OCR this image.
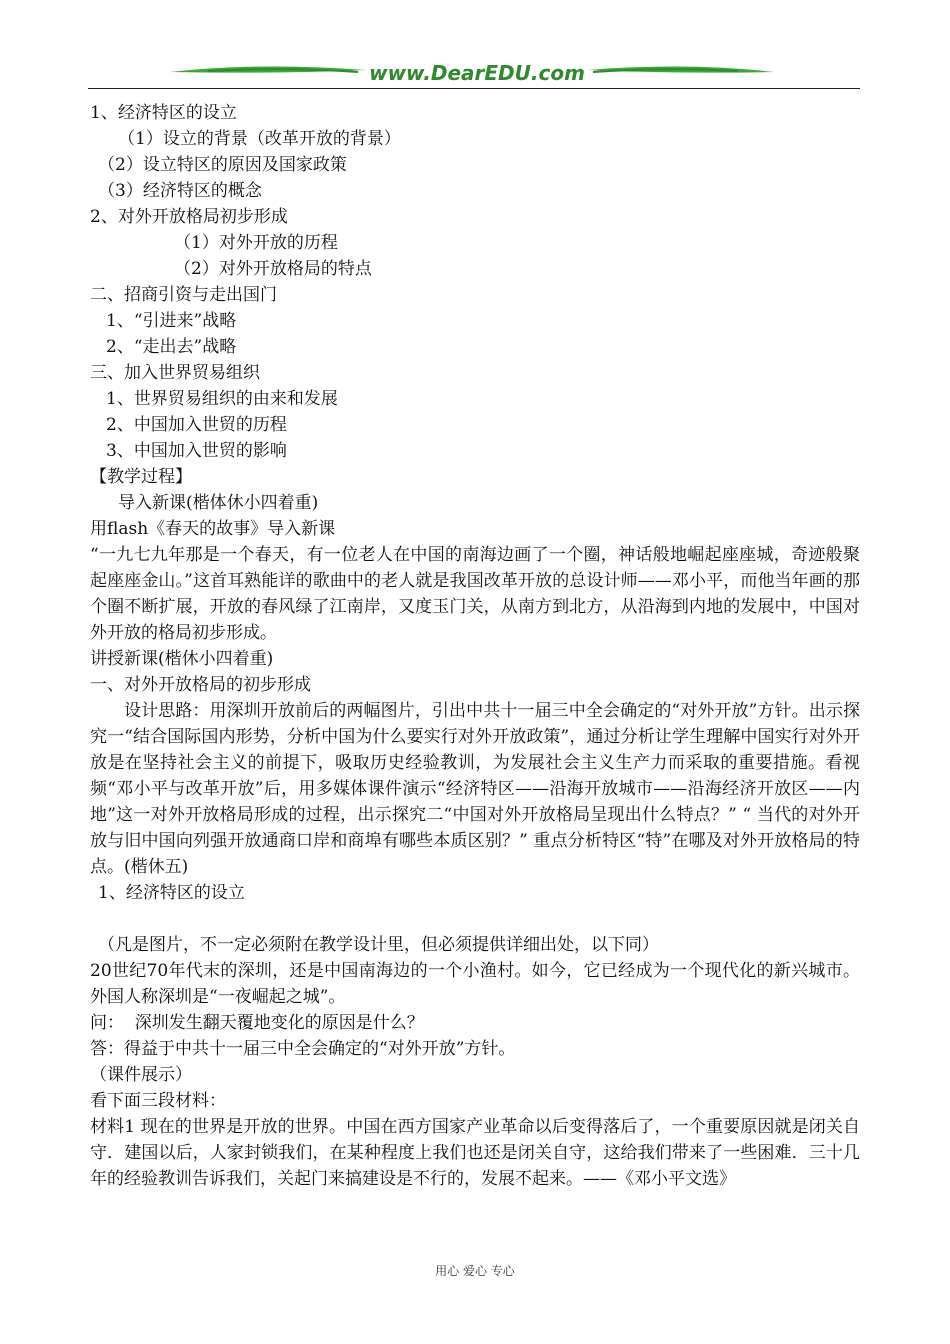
www.DearEDU.com
1、经济特区的设立
（1）设立的背景（改革开放的背景）
（2）设立特区的原因及国家政策
（3）经济特区的概念
2、对外开放格局初步形成
（1）对外开放的历程
（2）对外开放格局的特点
二、招商引资与走出国门
1、“引进来”战略
2、“走出去”战略
三、加入世界贸易组织
1、世界贸易组织的由来和发展
2、中国加入世贸的历程
3、中国加入世贸的影响
【教学过程】
导入新课(楷体休小四着重)
用flash《春天的故事》导入新课

“一九七九年那是一个春天，有一位老人在中国的南海边画了一个圈，神话般地崛起座座城，奇迹般聚起座座金山。”这首耳熟能详的歌曲中的老人就是我国改革开放的总设计师——邓小平，而他当年画的那个圈不断扩展，开放的春风绿了江南岸，又度玉门关，从南方到北方，从沿海到内地的发展中，中国对外开放的格局初步形成。

讲授新课(楷休小四着重)
一、对外开放格局的初步形成

设计思路：用深圳开放前后的两幅图片，引出中共十一届三中全会确定的“对外开放”方针。出示探究一“结合国际国内形势，分析中国为什么要实行对外开放政策”，通过分析让学生理解中国实行对外开放是在坚持社会主义的前提下，吸取历史经验教训，为发展社会主义生产力而采取的重要措施。看视频“邓小平与改革开放”后，用多媒体课件演示“经济特区——沿海开放城市——沿海经济开放区——内地”这一对外开放格局形成的过程，出示探究二“中国对外开放格局呈现出什么特点？” “ 当代的对外开放与旧中国向列强开放通商口岸和商埠有哪些本质区别？” 重点分析特区“特”在哪及对外开放格局的特点。(楷休五)

1、经济特区的设立
（凡是图片，不一定必须附在教学设计里，但必须提供详细出处，以下同）

20世纪70年代末的深圳，还是中国南海边的一个小渔村。如今，它已经成为一个现代化的新兴城市。外国人称深圳是“一夜崛起之城”。

问：  深圳发生翻天覆地变化的原因是什么？
答：得益于中共十一届三中全会确定的“对外开放”方针。
（课件展示）
看下面三段材料：

材料1 现在的世界是开放的世界。中国在西方国家产业革命以后变得落后了，一个重要原因就是闭关自守．建国以后，人家封锁我们，在某种程度上我们也还是闭关自守，这给我们带来了一些困难．三十几年的经验教训告诉我们，关起门来搞建设是不行的，发展不起来。——《邓小平文选》

用心 爱心 专心
